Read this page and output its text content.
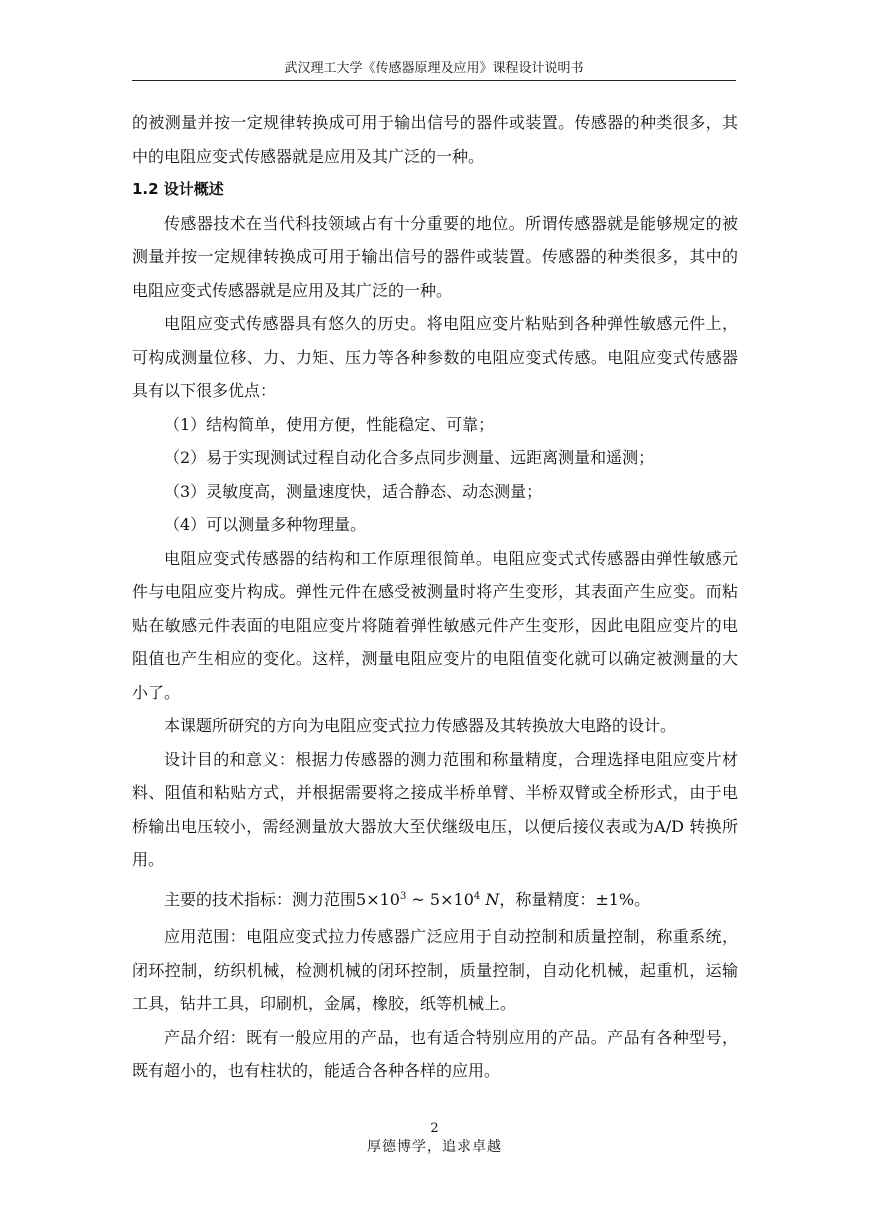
武汉理工大学《传感器原理及应用》课程设计说明书

的被测量并按一定规律转换成可用于输出信号的器件或装置。传感器的种类很多，其中的电阻应变式传感器就是应用及其广泛的一种。

1.2 设计概述

传感器技术在当代科技领域占有十分重要的地位。所谓传感器就是能够规定的被测量并按一定规律转换成可用于输出信号的器件或装置。传感器的种类很多，其中的电阻应变式传感器就是应用及其广泛的一种。

电阻应变式传感器具有悠久的历史。将电阻应变片粘贴到各种弹性敏感元件上，可构成测量位移、力、力矩、压力等各种参数的电阻应变式传感。电阻应变式传感器具有以下很多优点：

（1）结构简单，使用方便，性能稳定、可靠；

（2）易于实现测试过程自动化合多点同步测量、远距离测量和遥测；

（3）灵敏度高，测量速度快，适合静态、动态测量；

（4）可以测量多种物理量。

电阻应变式传感器的结构和工作原理很简单。电阻应变式式传感器由弹性敏感元件与电阻应变片构成。弹性元件在感受被测量时将产生变形，其表面产生应变。而粘贴在敏感元件表面的电阻应变片将随着弹性敏感元件产生变形，因此电阻应变片的电阻值也产生相应的变化。这样，测量电阻应变片的电阻值变化就可以确定被测量的大小了。

本课题所研究的方向为电阻应变式拉力传感器及其转换放大电路的设计。

设计目的和意义：根据力传感器的测力范围和称量精度，合理选择电阻应变片材料、阻值和粘贴方式，并根据需要将之接成半桥单臂、半桥双臂或全桥形式，由于电桥输出电压较小，需经测量放大器放大至伏继级电压，以便后接仪表或为A/D 转换所用。

主要的技术指标：测力范围$5\times 10^3$ ~ $5\times 10^4$ N，称量精度：±1%。

应用范围：电阻应变式拉力传感器广泛应用于自动控制和质量控制，称重系统，闭环控制，纺织机械，检测机械的闭环控制，质量控制，自动化机械，起重机，运输工具，钻井工具，印刷机，金属，橡胶，纸等机械上。

产品介绍：既有一般应用的产品，也有适合特别应用的产品。产品有各种型号，既有超小的，也有柱状的，能适合各种各样的应用。

2
厚德博学，追求卓越
